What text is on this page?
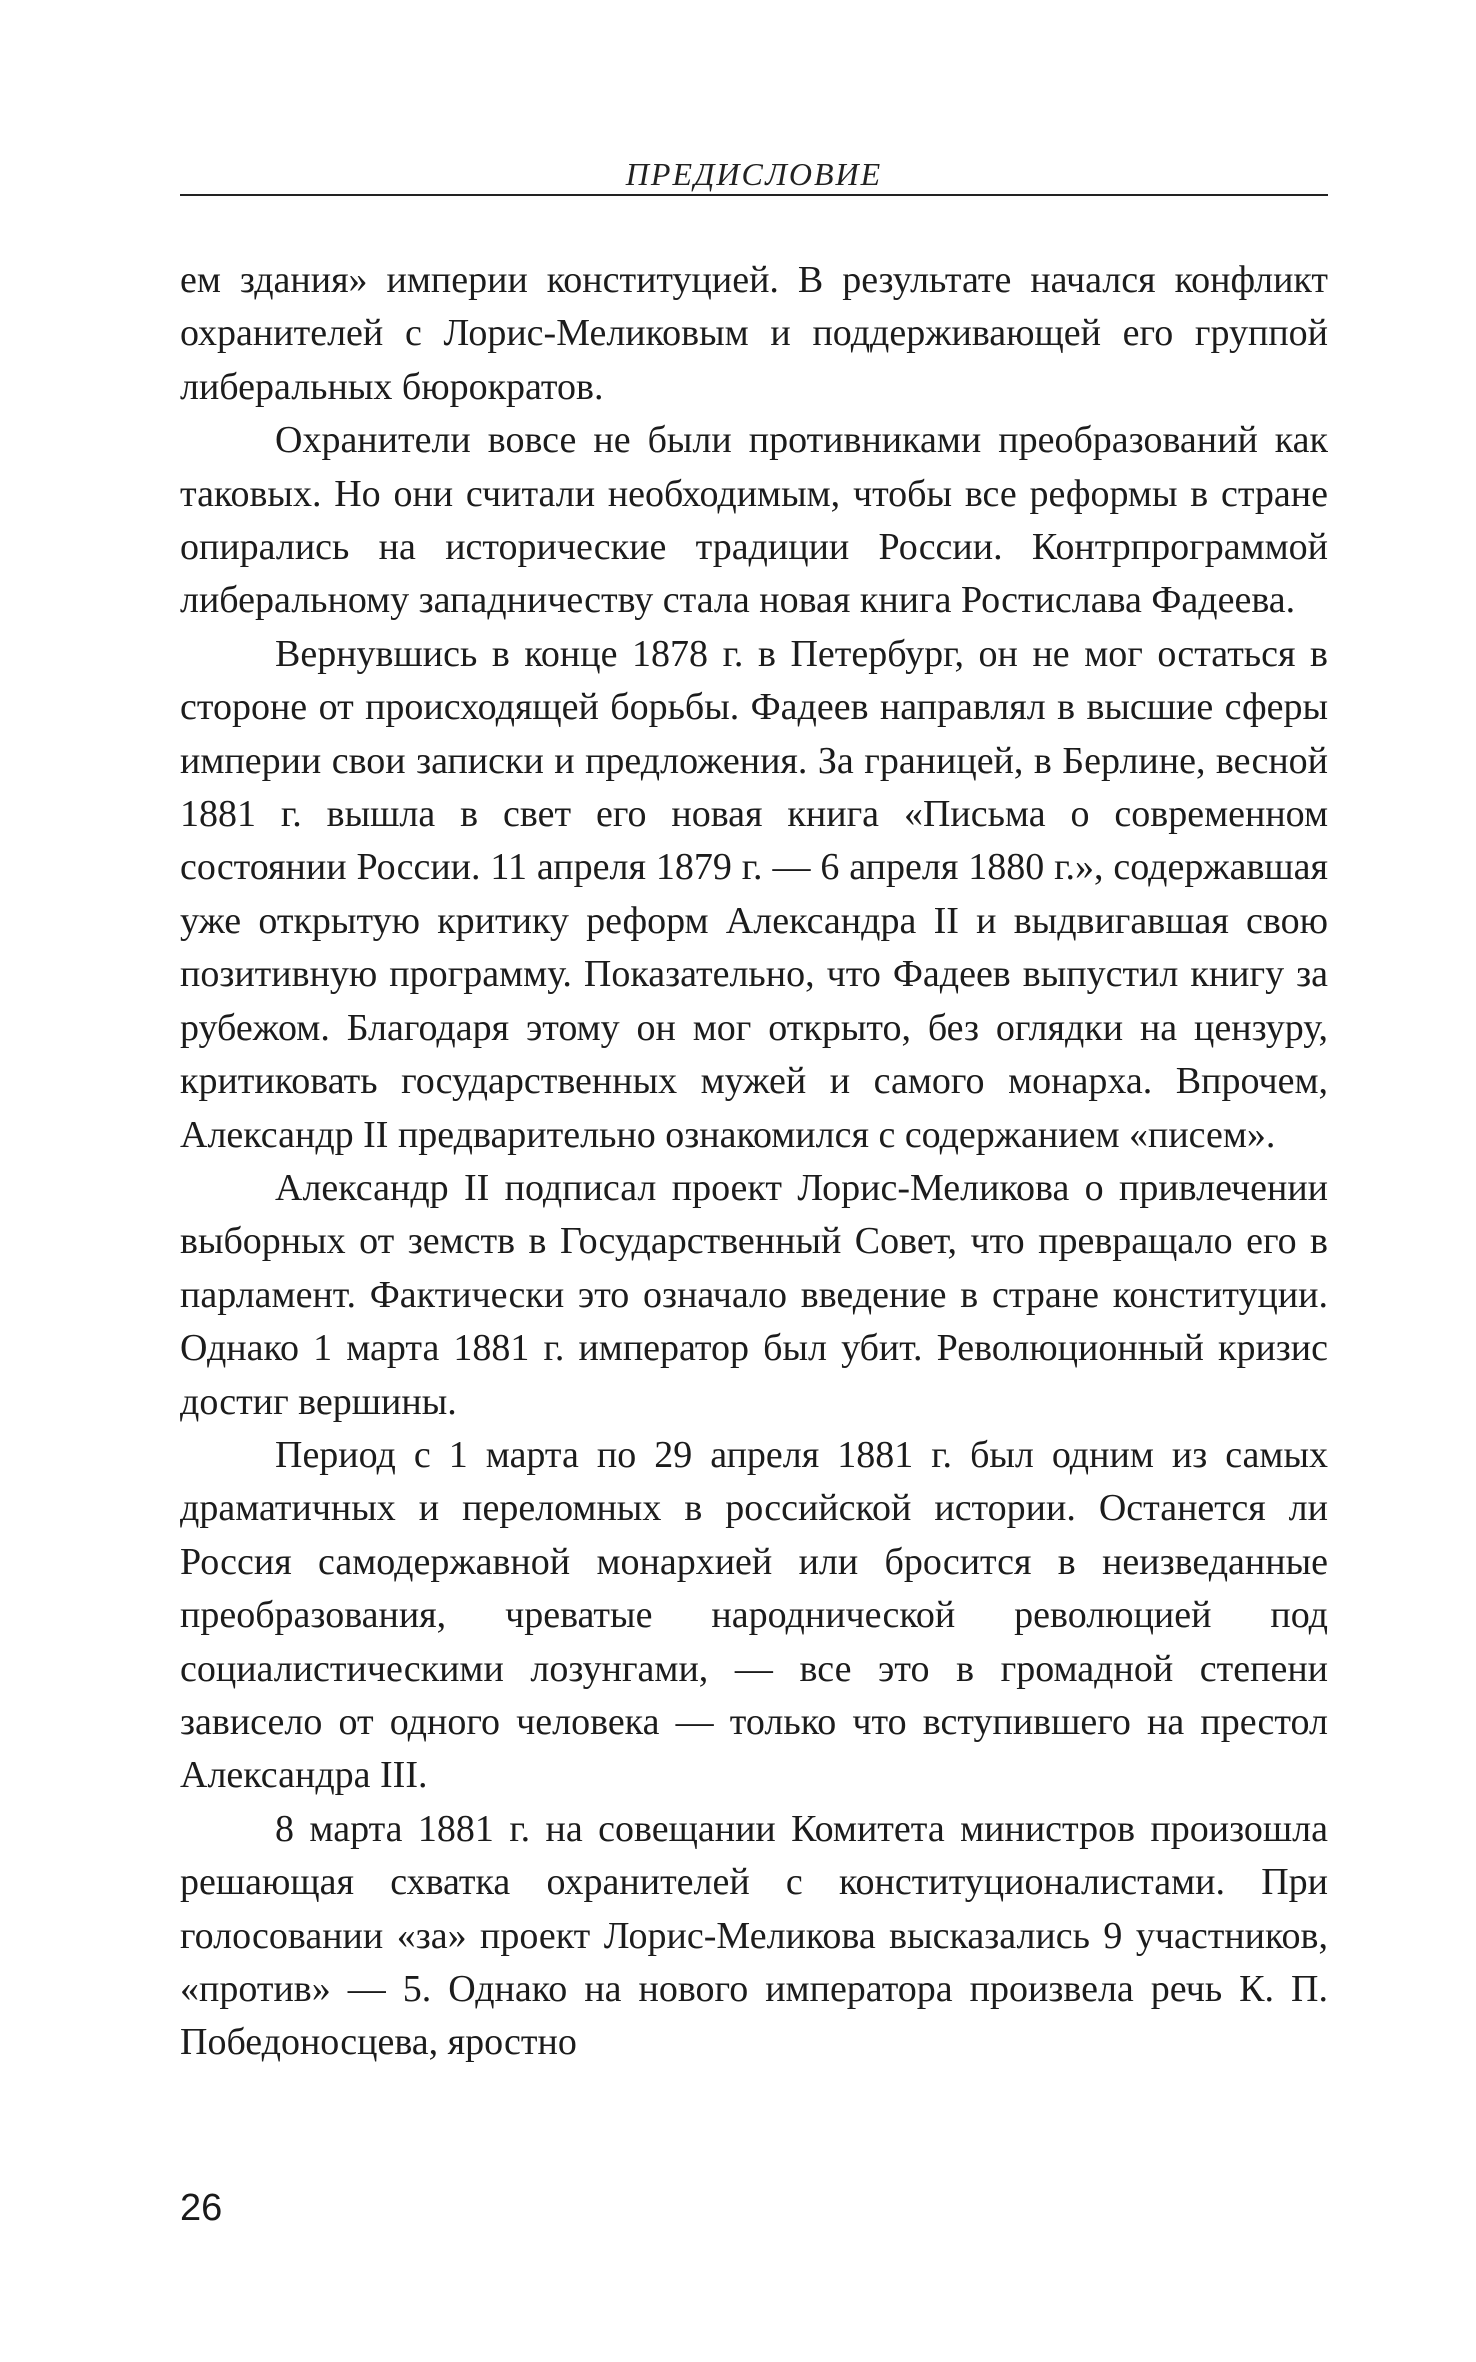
ПРЕДИСЛОВИЕ

ем здания» империи конституцией. В результате начался конфликт охранителей с Лорис-Меликовым и поддерживающей его группой либеральных бюрократов.

Охранители вовсе не были противниками преобразований как таковых. Но они считали необходимым, чтобы все реформы в стране опирались на исторические традиции России. Контрпрограммой либеральному западничеству стала новая книга Ростислава Фадеева.

Вернувшись в конце 1878 г. в Петербург, он не мог остаться в стороне от происходящей борьбы. Фадеев направлял в высшие сферы империи свои записки и предложения. За границей, в Берлине, весной 1881 г. вышла в свет его новая книга «Письма о современном состоянии России. 11 апреля 1879 г. — 6 апреля 1880 г.», содержавшая уже открытую критику реформ Александра II и выдвигавшая свою позитивную программу. Показательно, что Фадеев выпустил книгу за рубежом. Благодаря этому он мог открыто, без оглядки на цензуру, критиковать государственных мужей и самого монарха. Впрочем, Александр II предварительно ознакомился с содержанием «писем».

Александр II подписал проект Лорис-Меликова о привлечении выборных от земств в Государственный Совет, что превращало его в парламент. Фактически это означало введение в стране конституции. Однако 1 марта 1881 г. император был убит. Революционный кризис достиг вершины.

Период с 1 марта по 29 апреля 1881 г. был одним из самых драматичных и переломных в российской истории. Останется ли Россия самодержавной монархией или бросится в неизведанные преобразования, чреватые народнической революцией под социалистическими лозунгами, — все это в громадной степени зависело от одного человека — только что вступившего на престол Александра III.

8 марта 1881 г. на совещании Комитета министров произошла решающая схватка охранителей с конституционалистами. При голосовании «за» проект Лорис-Меликова высказались 9 участников, «против» — 5. Однако на нового императора произвела речь К. П. Победоносцева, яростно

26
